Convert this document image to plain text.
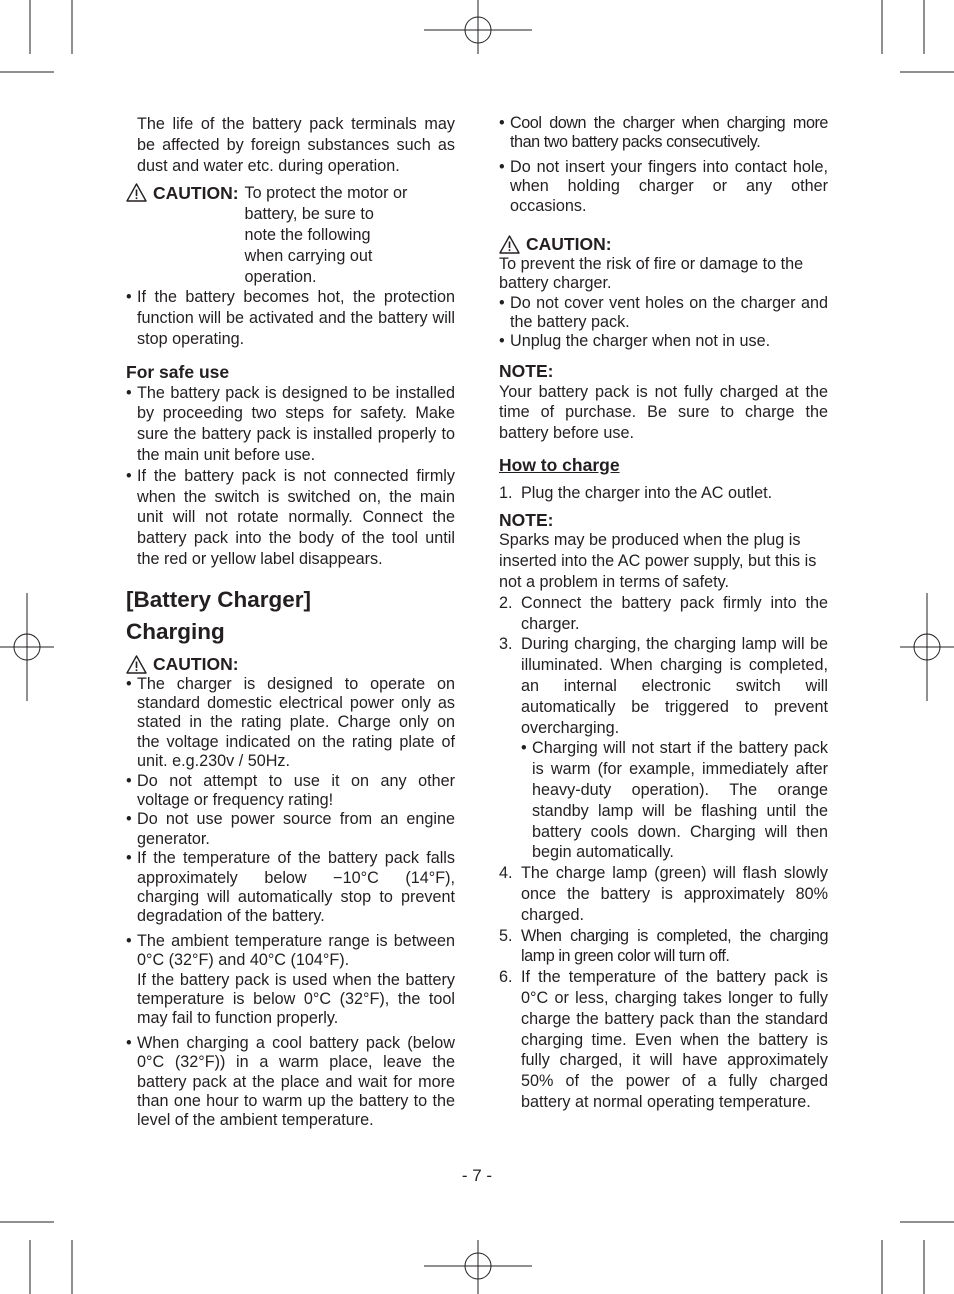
The life of the battery pack terminals may be affected by foreign substances such as dust and water etc. during operation.

CAUTION: To protect the motor or battery, be sure to note the following when carrying out operation.
• If the battery becomes hot, the protection function will be activated and the battery will stop operating.
For safe use
• The battery pack is designed to be installed by proceeding two steps for safety. Make sure the battery pack is installed properly to the main unit before use.
• If the battery pack is not connected firmly when the switch is switched on, the main unit will not rotate normally. Connect the battery pack into the body of the tool until the red or yellow label disappears.
[Battery Charger]
Charging
CAUTION:
• The charger is designed to operate on standard domestic electrical power only as stated in the rating plate. Charge only on the voltage indicated on the rating plate of unit. e.g.230v / 50Hz.
• Do not attempt to use it on any other voltage or frequency rating!
• Do not use power source from an engine generator.
• If the temperature of the battery pack falls approximately below −10°C (14°F), charging will automatically stop to prevent degradation of the battery.
• The ambient temperature range is between 0°C (32°F) and 40°C (104°F).
If the battery pack is used when the battery temperature is below 0°C (32°F), the tool may fail to function properly.
• When charging a cool battery pack (below 0°C (32°F)) in a warm place, leave the battery pack at the place and wait for more than one hour to warm up the battery to the level of the ambient temperature.
• Cool down the charger when charging more than two battery packs consecutively.
• Do not insert your fingers into contact hole, when holding charger or any other occasions.
CAUTION:

To prevent the risk of fire or damage to the battery charger.

• Do not cover vent holes on the charger and the battery pack.
• Unplug the charger when not in use.
NOTE:

Your battery pack is not fully charged at the time of purchase. Be sure to charge the battery before use.

How to charge
1. Plug the charger into the AC outlet.
NOTE:

Sparks may be produced when the plug is inserted into the AC power supply, but this is not a problem in terms of safety.

2. Connect the battery pack firmly into the charger.
3. During charging, the charging lamp will be illuminated. When charging is completed, an internal electronic switch will automatically be triggered to prevent overcharging.
• Charging will not start if the battery pack is warm (for example, immediately after heavy-duty operation). The orange standby lamp will be flashing until the battery cools down. Charging will then begin automatically.
4. The charge lamp (green) will flash slowly once the battery is approximately 80% charged.
5. When charging is completed, the charging lamp in green color will turn off.
6. If the temperature of the battery pack is 0°C or less, charging takes longer to fully charge the battery pack than the standard charging time. Even when the battery is fully charged, it will have approximately 50% of the power of a fully charged battery at normal operating temperature.
- 7 -
